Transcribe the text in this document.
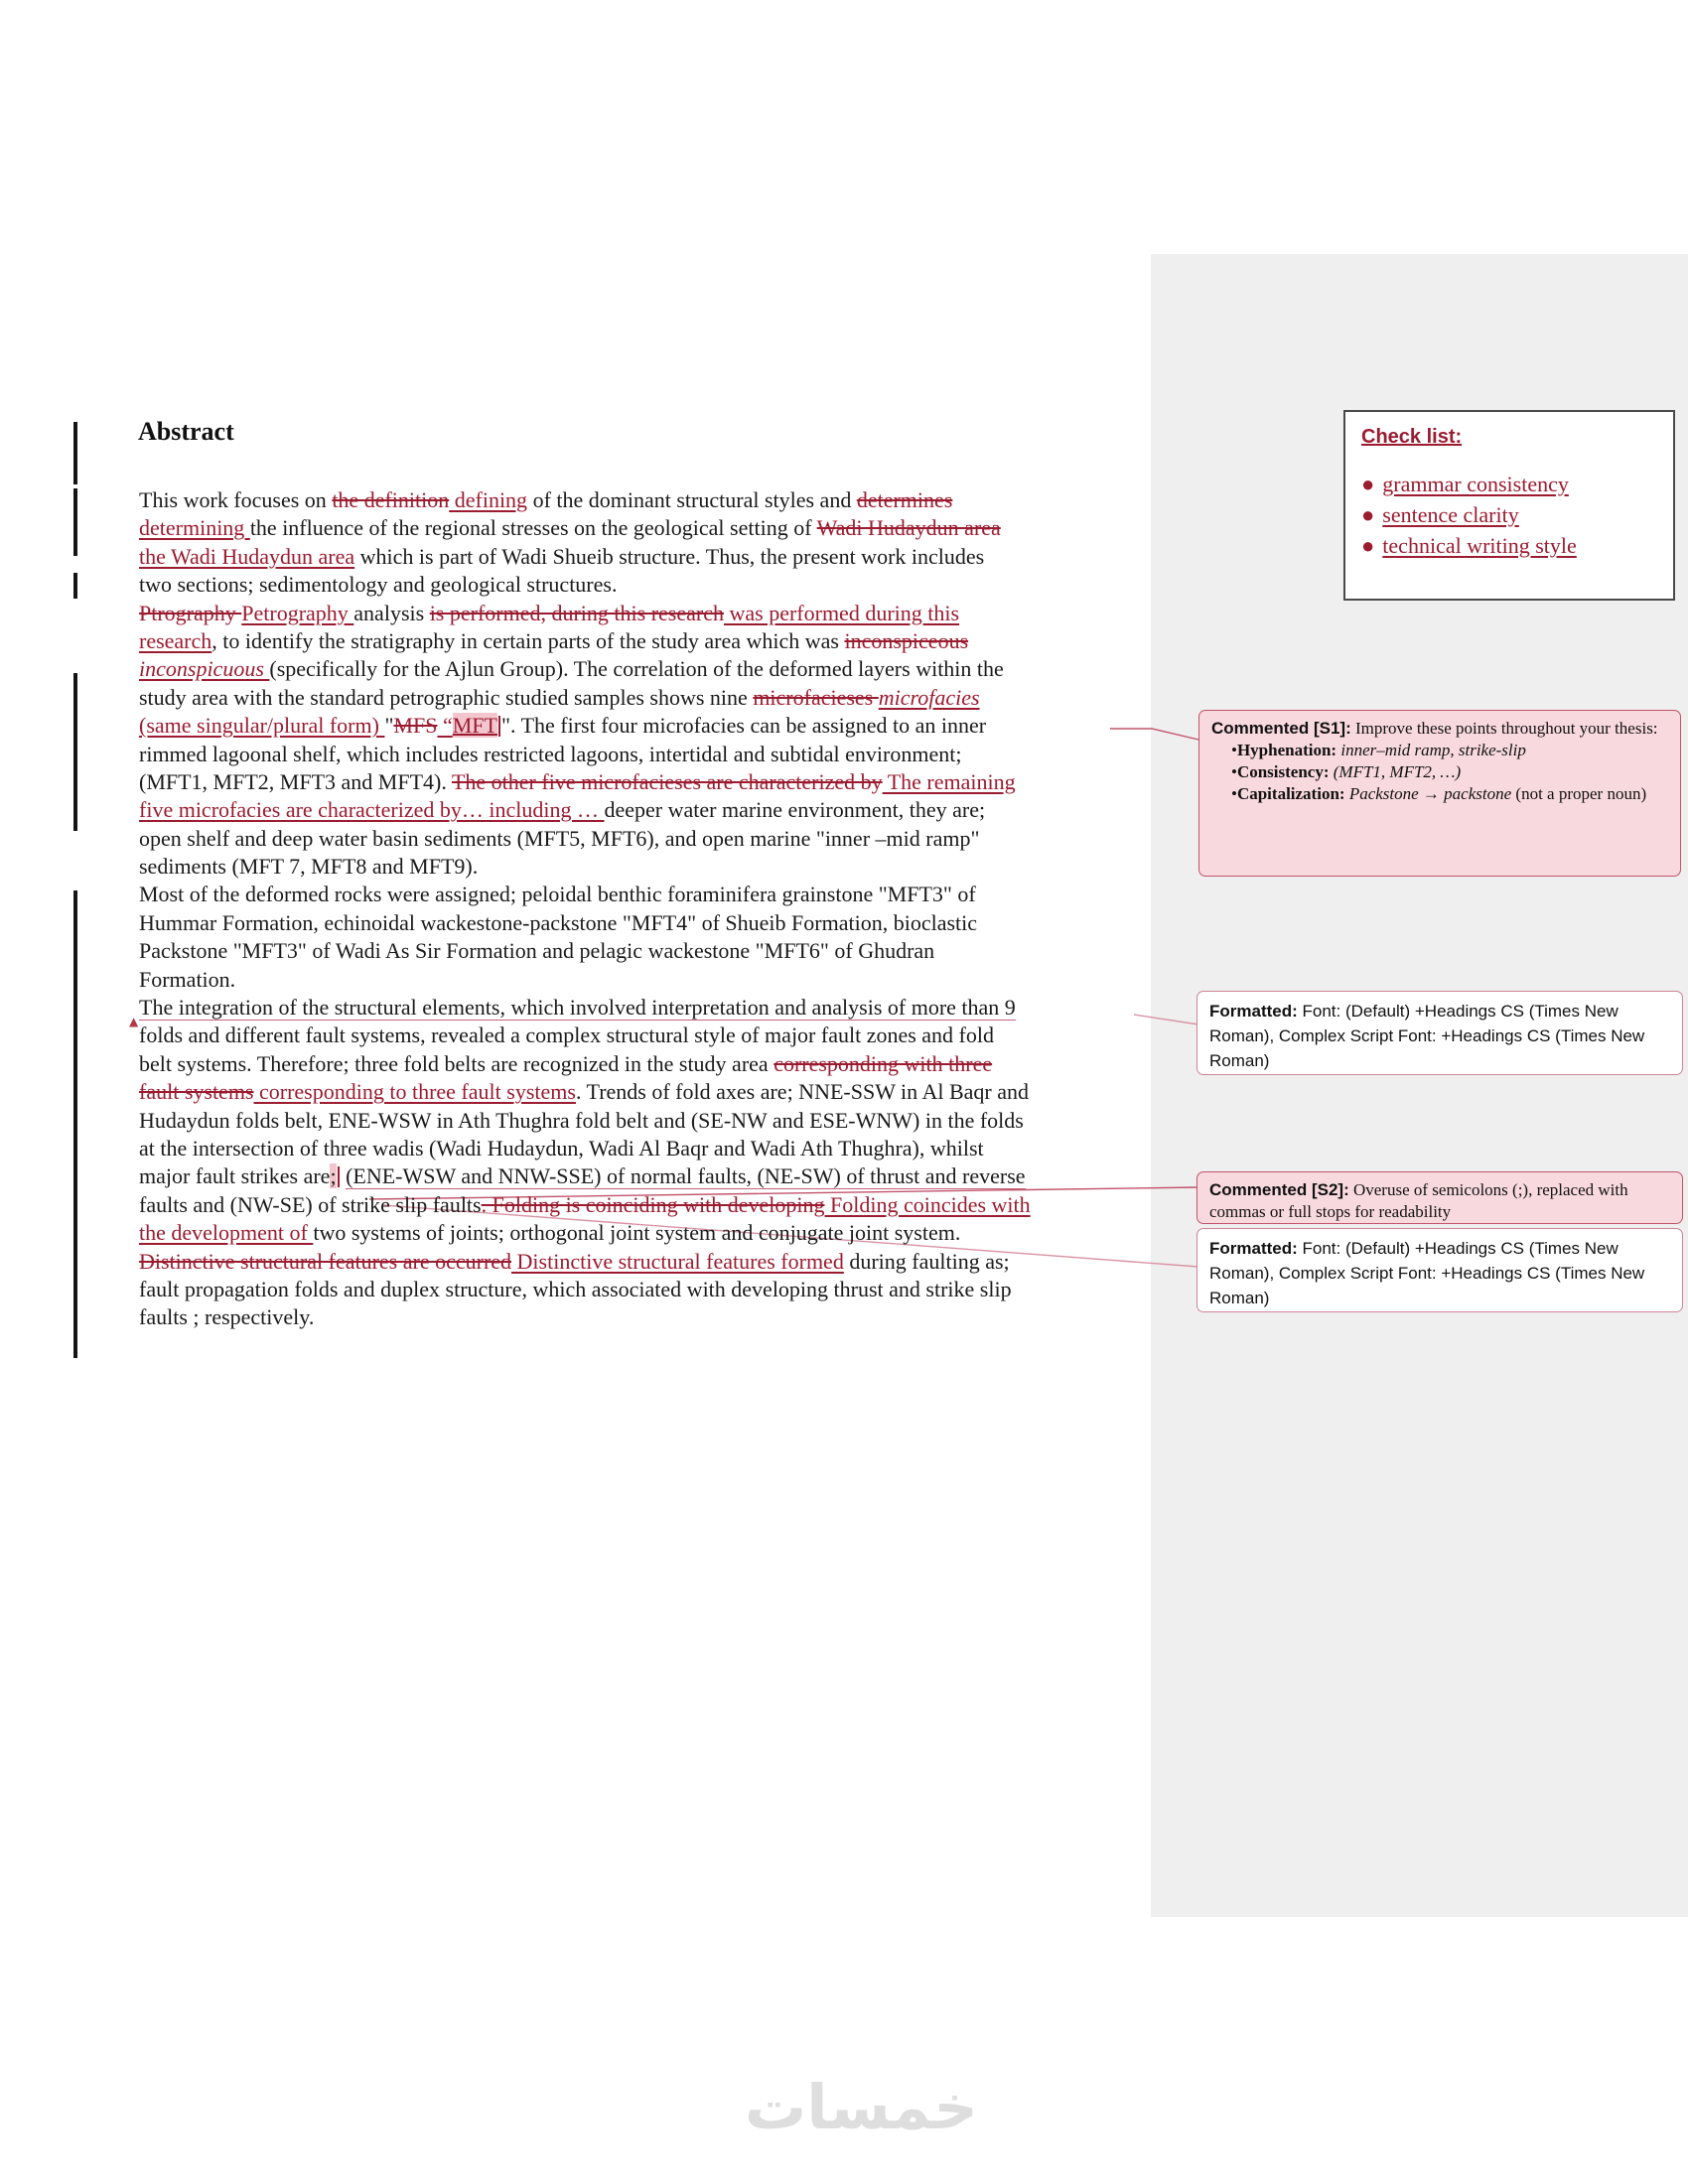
Abstract
▲
This work focuses on the definition defining of the dominant structural styles and determines
determining the influence of the regional stresses on the geological setting of Wadi Hudaydun area
the Wadi Hudaydun area which is part of Wadi Shueib structure. Thus, the present work includes
two sections; sedimentology and geological structures.
Ptrography Petrography analysis is performed, during this research was performed during this
research, to identify the stratigraphy in certain parts of the study area which was inconspiceous
inconspicuous (specifically for the Ajlun Group). The correlation of the deformed layers within the
study area with the standard petrographic studied samples shows nine microfacieses microfacies
(same singular/plural form) "MFS “MFT ". The first four microfacies can be assigned to an inner
rimmed lagoonal shelf, which includes restricted lagoons, intertidal and subtidal environment;
(MFT1, MFT2, MFT3 and MFT4). The other five microfacieses are characterized by The remaining
five microfacies are characterized by… including … deeper water marine environment, they are;
open shelf and deep water basin sediments (MFT5, MFT6), and open marine "inner –mid ramp"
sediments (MFT 7, MFT8 and MFT9).
Most of the deformed rocks were assigned; peloidal benthic foraminifera grainstone "MFT3" of
Hummar Formation, echinoidal wackestone-packstone "MFT4" of Shueib Formation, bioclastic
Packstone "MFT3" of Wadi As Sir Formation and pelagic wackestone "MFT6" of Ghudran
Formation.
The integration of the structural elements, which involved interpretation and analysis of more than 9
folds and different fault systems, revealed a complex structural style of major fault zones and fold
belt systems. Therefore; three fold belts are recognized in the study area corresponding with three
fault systems corresponding to three fault systems. Trends of fold axes are; NNE-SSW in Al Baqr and
Hudaydun folds belt, ENE-WSW in Ath Thughra fold belt and (SE-NW and ESE-WNW) in the folds
at the intersection of three wadis (Wadi Hudaydun, Wadi Al Baqr and Wadi Ath Thughra), whilst
major fault strikes are; (ENE-WSW and NNW-SSE) of normal faults, (NE-SW) of thrust and reverse
faults and (NW-SE) of strike slip faults. Folding is coinciding with developing Folding coincides with
the development of two systems of joints; orthogonal joint system and conjugate joint system.
Distinctive structural features are occurred Distinctive structural features formed during faulting as;
fault propagation folds and duplex structure, which associated with developing thrust and strike slip
faults ; respectively.
Check list:
● grammar consistency
● sentence clarity
● technical writing style
Commented [S1]: Improve these points throughout your thesis:
•Hyphenation: inner–mid ramp, strike-slip
•Consistency: (MFT1, MFT2, …)
•Capitalization: Packstone → packstone (not a proper noun)
Formatted: Font: (Default) +Headings CS (Times New Roman), Complex Script Font: +Headings CS (Times New Roman)
Commented [S2]: Overuse of semicolons (;), replaced with commas or full stops for readability
Formatted: Font: (Default) +Headings CS (Times New Roman), Complex Script Font: +Headings CS (Times New Roman)
خمسات
